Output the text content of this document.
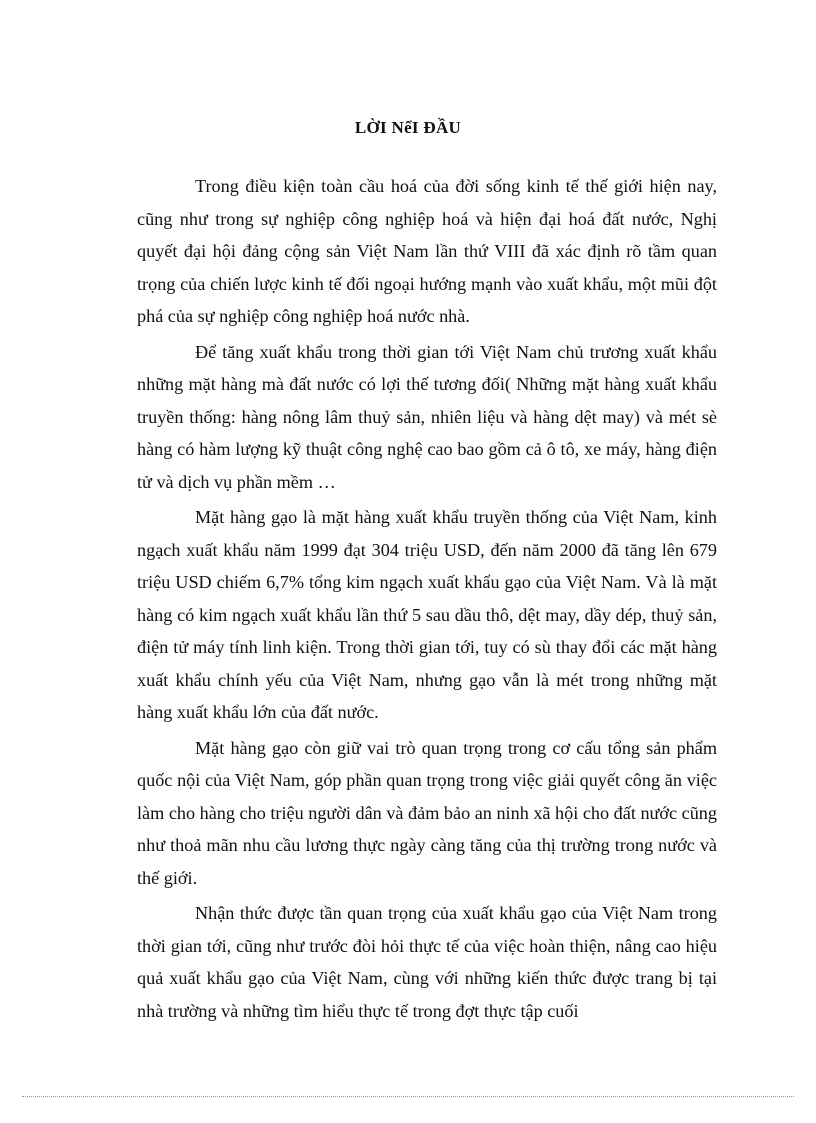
LỜI NểI ĐẦU

Trong điều kiện toàn cầu hoá của đời sống kinh tế thế giới hiện nay, cũng như trong sự nghiệp công nghiệp hoá và hiện đại hoá đất nước, Nghị quyết đại hội đảng cộng sản Việt Nam lần thứ VIII đã xác định rõ tầm quan trọng của chiến lược kinh tế đối ngoại hướng mạnh vào xuất khẩu, một mũi đột phá của sự nghiệp công nghiệp hoá nước nhà.

Để tăng xuất khẩu trong thời gian tới Việt Nam chủ trương xuất khẩu những mặt hàng mà đất nước có lợi thế tương đối( Những mặt hàng xuất khẩu truyền thống: hàng nông lâm thuỷ sản, nhiên liệu và hàng dệt may) và mét sè hàng có hàm lượng kỹ thuật công nghệ cao bao gồm cả ô tô, xe máy, hàng điện tử và dịch vụ phần mềm …

Mặt hàng gạo là mặt hàng xuất khẩu truyền thống của Việt Nam, kinh ngạch xuất khẩu năm 1999 đạt 304 triệu USD, đến năm 2000 đã tăng lên 679 triệu USD chiếm 6,7% tổng kim ngạch xuất khẩu gạo của Việt Nam. Và là mặt hàng có kim ngạch xuất khẩu lần thứ 5 sau dầu thô, dệt may, dầy dép, thuỷ sản, điện tử máy tính linh kiện. Trong thời gian tới, tuy có sù thay đổi các mặt hàng xuất khẩu chính yếu của Việt Nam, nhưng gạo vẫn là mét trong những mặt hàng xuất khẩu lớn của đất nước.

Mặt hàng gạo còn giữ vai trò quan trọng trong cơ cấu tổng sản phẩm quốc nội của Việt Nam, góp phần quan trọng trong việc giải quyết công ăn việc làm cho hàng cho triệu người dân và đảm bảo an ninh xã hội cho đất nước cũng như thoả mãn nhu cầu lương thực ngày càng tăng của thị trường trong nước và thế giới.

Nhận thức được tần quan trọng của xuất khẩu gạo của Việt Nam trong thời gian tới, cũng như trước đòi hỏi thực tế của việc hoàn thiện, nâng cao hiệu quả xuất khẩu gạo của Việt Nam, cùng với những kiến thức được trang bị tại nhà trường và những tìm hiểu thực tế trong đợt thực tập cuối
